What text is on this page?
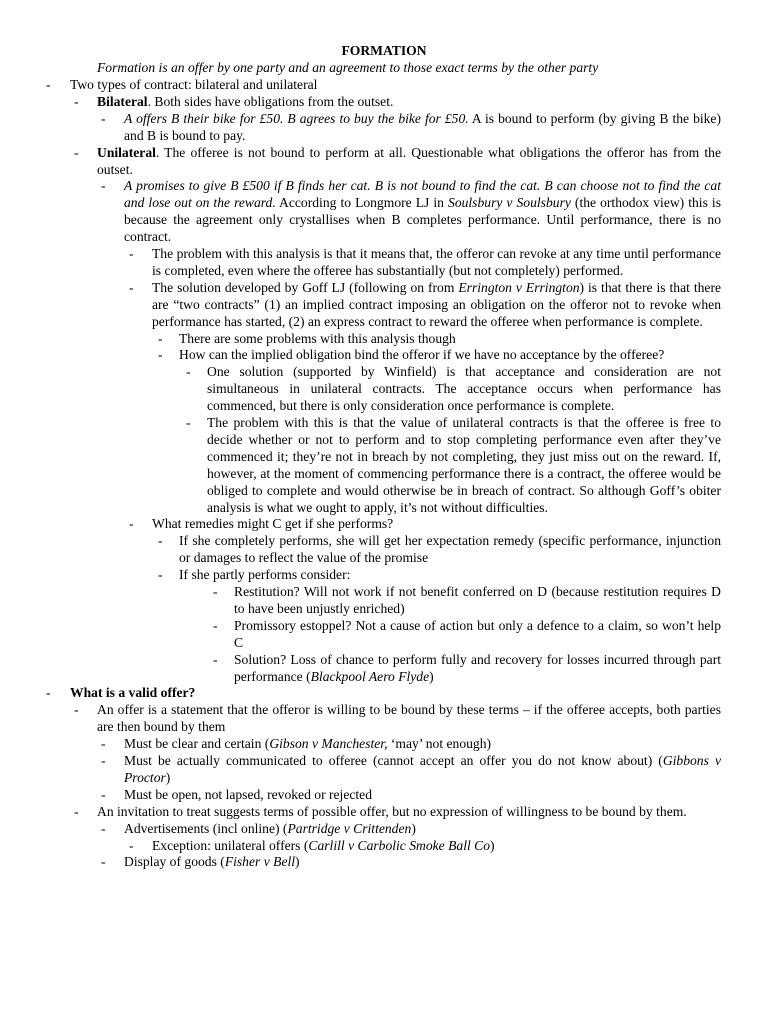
FORMATION
Formation is an offer by one party and an agreement to those exact terms by the other party
-	Two types of contract: bilateral and unilateral
-	Bilateral. Both sides have obligations from the outset.
-	A offers B their bike for £50. B agrees to buy the bike for £50. A is bound to perform (by giving B the bike) and B is bound to pay.
-	Unilateral. The offeree is not bound to perform at all. Questionable what obligations the offeror has from the outset.
-	A promises to give B £500 if B finds her cat. B is not bound to find the cat. B can choose not to find the cat and lose out on the reward. According to Longmore LJ in Soulsbury v Soulsbury (the orthodox view) this is because the agreement only crystallises when B completes performance. Until performance, there is no contract.
-	The problem with this analysis is that it means that, the offeror can revoke at any time until performance is completed, even where the offeree has substantially (but not completely) performed.
-	The solution developed by Goff LJ (following on from Errington v Errington) is that there is that there are “two contracts” (1) an implied contract imposing an obligation on the offeror not to revoke when performance has started, (2) an express contract to reward the offeree when performance is complete.
-	There are some problems with this analysis though
-	How can the implied obligation bind the offeror if we have no acceptance by the offeree?
-	One solution (supported by Winfield) is that acceptance and consideration are not simultaneous in unilateral contracts. The acceptance occurs when performance has commenced, but there is only consideration once performance is complete.
-	The problem with this is that the value of unilateral contracts is that the offeree is free to decide whether or not to perform and to stop completing performance even after they’ve commenced it; they’re not in breach by not completing, they just miss out on the reward. If, however, at the moment of commencing performance there is a contract, the offeree would be obliged to complete and would otherwise be in breach of contract. So although Goff’s obiter analysis is what we ought to apply, it’s not without difficulties.
-	What remedies might C get if she performs?
-	If she completely performs, she will get her expectation remedy (specific performance, injunction or damages to reflect the value of the promise
-	If she partly performs consider:
-	Restitution? Will not work if not benefit conferred on D (because restitution requires D to have been unjustly enriched)
-	Promissory estoppel? Not a cause of action but only a defence to a claim, so won’t help C
-	Solution? Loss of chance to perform fully and recovery for losses incurred through part performance (Blackpool Aero Flyde)
-	What is a valid offer?
-	An offer is a statement that the offeror is willing to be bound by these terms – if the offeree accepts, both parties are then bound by them
-	Must be clear and certain (Gibson v Manchester, ‘may’ not enough)
-	Must be actually communicated to offeree (cannot accept an offer you do not know about) (Gibbons v Proctor)
-	Must be open, not lapsed, revoked or rejected
-	An invitation to treat suggests terms of possible offer, but no expression of willingness to be bound by them.
-	Advertisements (incl online) (Partridge v Crittenden)
-	Exception: unilateral offers (Carlill v Carbolic Smoke Ball Co)
-	Display of goods (Fisher v Bell)
